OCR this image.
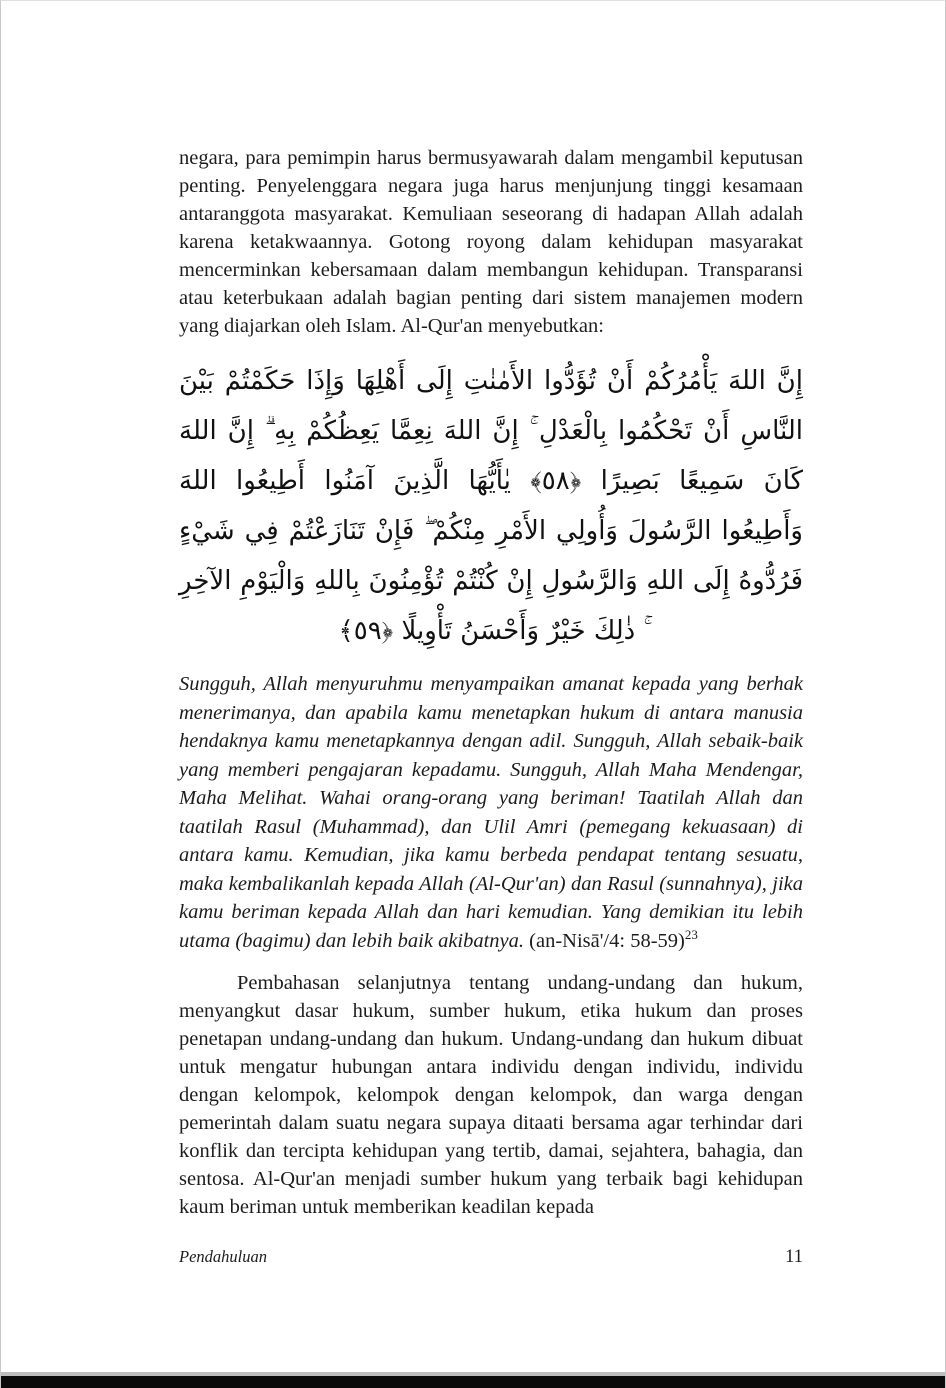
negara, para pemimpin harus bermusyawarah dalam mengambil keputusan penting. Penyelenggara negara juga harus menjunjung tinggi kesamaan antaranggota masyarakat. Kemuliaan seseorang di hadapan Allah adalah karena ketakwaannya. Gotong royong dalam kehidupan masyarakat mencerminkan kebersamaan dalam membangun kehidupan. Transparansi atau keterbukaan adalah bagian penting dari sistem manajemen modern yang diajarkan oleh Islam. Al-Qur'an menyebutkan:

إِنَّ اللهَ يَأْمُرُكُمْ أَنْ تُؤَدُّوا الأَمٰنٰتِ إِلَى أَهْلِهَا وَإِذَا حَكَمْتُمْ بَيْنَ النَّاسِ أَنْ تَحْكُمُوا بِالْعَدْلِ ۚ إِنَّ اللهَ نِعِمَّا يَعِظُكُمْ بِهِ ۗ إِنَّ اللهَ كَانَ سَمِيعًا بَصِيرًا ﴿٥٨﴾ يٰأَيُّهَا الَّذِينَ آمَنُوا أَطِيعُوا اللهَ وَأَطِيعُوا الرَّسُولَ وَأُولِي الأَمْرِ مِنْكُمْ ۖ فَإِنْ تَنَازَعْتُمْ فِي شَيْءٍ فَرُدُّوهُ إِلَى اللهِ وَالرَّسُولِ إِنْ كُنْتُمْ تُؤْمِنُونَ بِاللهِ وَالْيَوْمِ الآخِرِ ۚ ذٰلِكَ خَيْرٌ وَأَحْسَنُ تَأْوِيلًا ﴿٥٩﴾

Sungguh, Allah menyuruhmu menyampaikan amanat kepada yang berhak menerimanya, dan apabila kamu menetapkan hukum di antara manusia hendaknya kamu menetapkannya dengan adil. Sungguh, Allah sebaik-baik yang memberi pengajaran kepadamu. Sungguh, Allah Maha Mendengar, Maha Melihat. Wahai orang-orang yang beriman! Taatilah Allah dan taatilah Rasul (Muhammad), dan Ulil Amri (pemegang kekuasaan) di antara kamu. Kemudian, jika kamu berbeda pendapat tentang sesuatu, maka kembalikanlah kepada Allah (Al-Qur'an) dan Rasul (sunnahnya), jika kamu beriman kepada Allah dan hari kemudian. Yang demikian itu lebih utama (bagimu) dan lebih baik akibatnya. (an-Nisā'/4: 58-59)$^{23}$

Pembahasan selanjutnya tentang undang-undang dan hukum, menyangkut dasar hukum, sumber hukum, etika hukum dan proses penetapan undang-undang dan hukum. Undang-undang dan hukum dibuat untuk mengatur hubungan antara individu dengan individu, individu dengan kelompok, kelompok dengan kelompok, dan warga dengan pemerintah dalam suatu negara supaya ditaati bersama agar terhindar dari konflik dan tercipta kehidupan yang tertib, damai, sejahtera, bahagia, dan sentosa. Al-Qur'an menjadi sumber hukum yang terbaik bagi kehidupan kaum beriman untuk memberikan keadilan kepada

Pendahuluan	11
